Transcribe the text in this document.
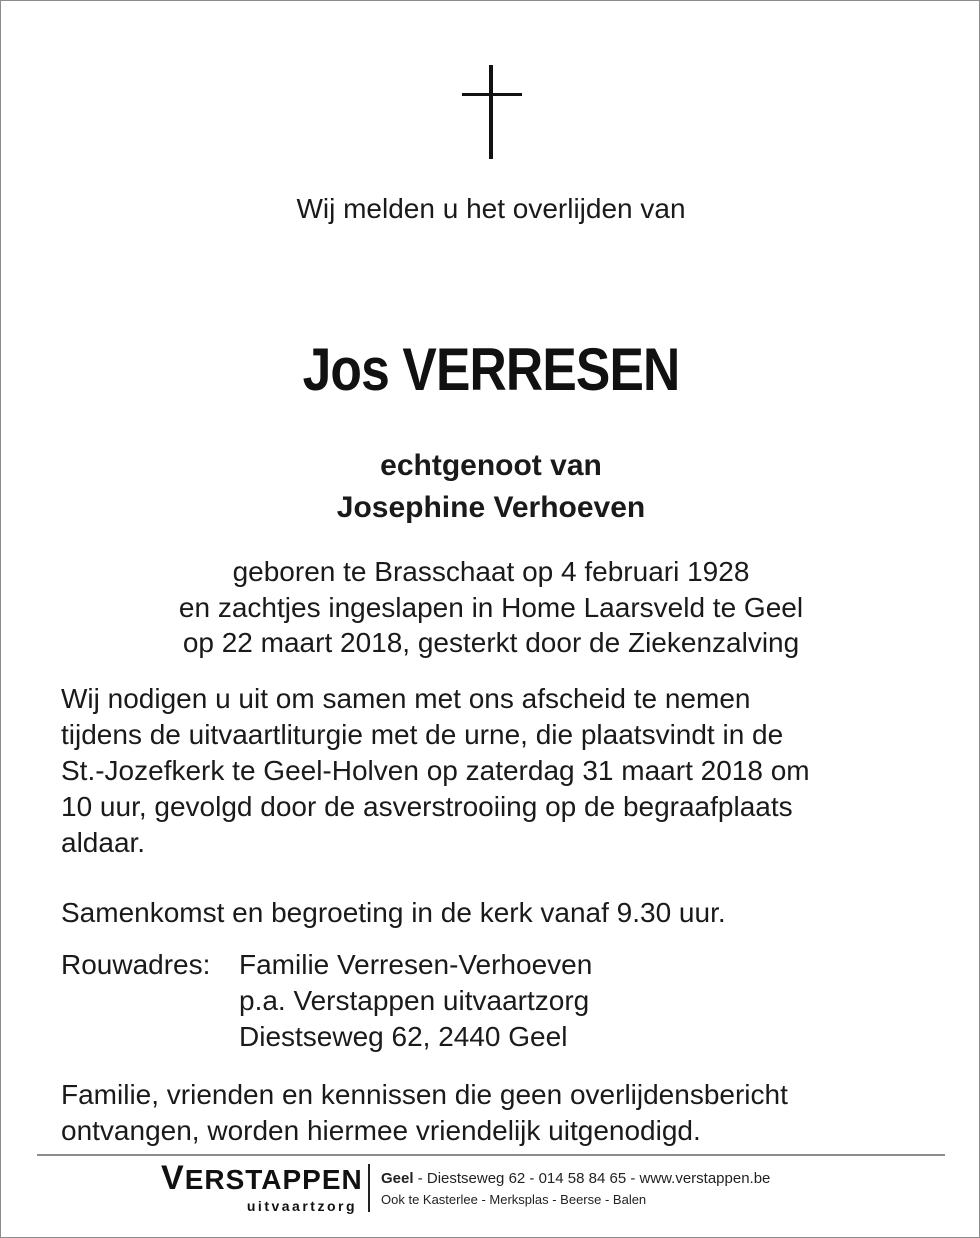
Wij melden u het overlijden van
Jos VERRESEN
echtgenoot van
Josephine Verhoeven
geboren te Brasschaat op 4 februari 1928
en zachtjes ingeslapen in Home Laarsveld te Geel
op 22 maart 2018, gesterkt door de Ziekenzalving
Wij nodigen u uit om samen met ons afscheid te nemen
tijdens de uitvaartliturgie met de urne, die plaatsvindt in de
St.-Jozefkerk te Geel-Holven op zaterdag 31 maart 2018 om
10 uur, gevolgd door de asverstrooiing op de begraafplaats
aldaar.
Samenkomst en begroeting in de kerk vanaf 9.30 uur.
Rouwadres: Familie Verresen-Verhoeven
p.a. Verstappen uitvaartzorg
Diestseweg 62, 2440 Geel
Familie, vrienden en kennissen die geen overlijdensbericht
ontvangen, worden hiermee vriendelijk uitgenodigd.
VERSTAPPEN
uitvaartzorg
Geel - Diestseweg 62 - 014 58 84 65 - www.verstappen.be
Ook te Kasterlee - Merksplas - Beerse - Balen
